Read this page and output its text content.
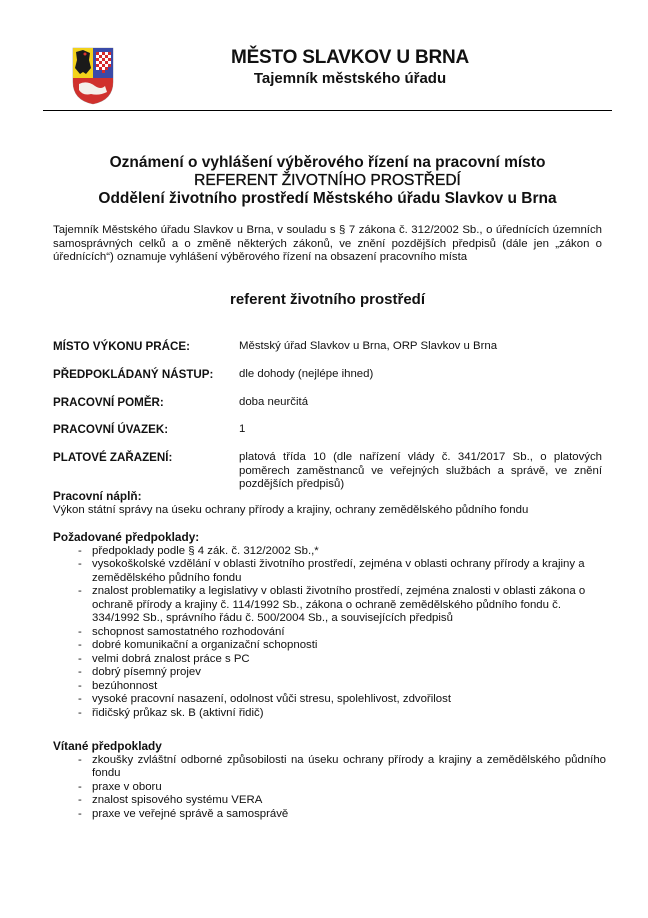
MĚSTO SLAVKOV U BRNA
Tajemník městského úřadu
Oznámení o vyhlášení výběrového řízení na pracovní místo
REFERENT ŽIVOTNÍHO PROSTŘEDÍ
Oddělení životního prostředí Městského úřadu Slavkov u Brna
Tajemník Městského úřadu Slavkov u Brna, v souladu s § 7 zákona č. 312/2002 Sb., o úřednících územních samosprávných celků a o změně některých zákonů, ve znění pozdějších předpisů (dále jen „zákon o úřednících“) oznamuje vyhlášení výběrového řízení na obsazení pracovního místa
referent životního prostředí
MÍSTO VÝKONU PRÁCE:	Městský úřad Slavkov u Brna, ORP Slavkov u Brna
PŘEDPOKLÁDANÝ NÁSTUP: dle dohody (nejlépe ihned)
PRACOVNÍ POMĚR:	doba neurčitá
PRACOVNÍ ÚVAZEK:	1
PLATOVÉ ZAŘAZENÍ:	platová třída 10 (dle nařízení vlády č. 341/2017 Sb., o platových poměrech zaměstnanců ve veřejných službách a správě, ve znění pozdějších předpisů)

Pracovní náplň:

Výkon státní správy na úseku ochrany přírody a krajiny, ochrany zemědělského půdního fondu

Požadované předpoklady:

- předpoklady podle § 4 zák. č. 312/2002 Sb.,*
- vysokoškolské vzdělání v oblasti životního prostředí, zejména v oblasti ochrany přírody a krajiny a zemědělského půdního fondu
- znalost problematiky a legislativy v oblasti životního prostředí, zejména znalosti v oblasti zákona o ochraně přírody a krajiny č. 114/1992 Sb., zákona o ochraně zemědělského půdního fondu č. 334/1992 Sb., správního řádu č. 500/2004 Sb., a souvisejících předpisů
- schopnost samostatného rozhodování
- dobré komunikační a organizační schopnosti
- velmi dobrá znalost práce s PC
- dobrý písemný projev
- bezúhonnost
- vysoké pracovní nasazení, odolnost vůči stresu, spolehlivost, zdvořilost
- řidičský průkaz sk. B (aktivní řidič)

Vítané předpoklady

- zkoušky zvláštní odborné způsobilosti na úseku ochrany přírody a krajiny a zemědělského půdního fondu
- praxe v oboru
- znalost spisového systému VERA
- praxe ve veřejné správě a samosprávě
